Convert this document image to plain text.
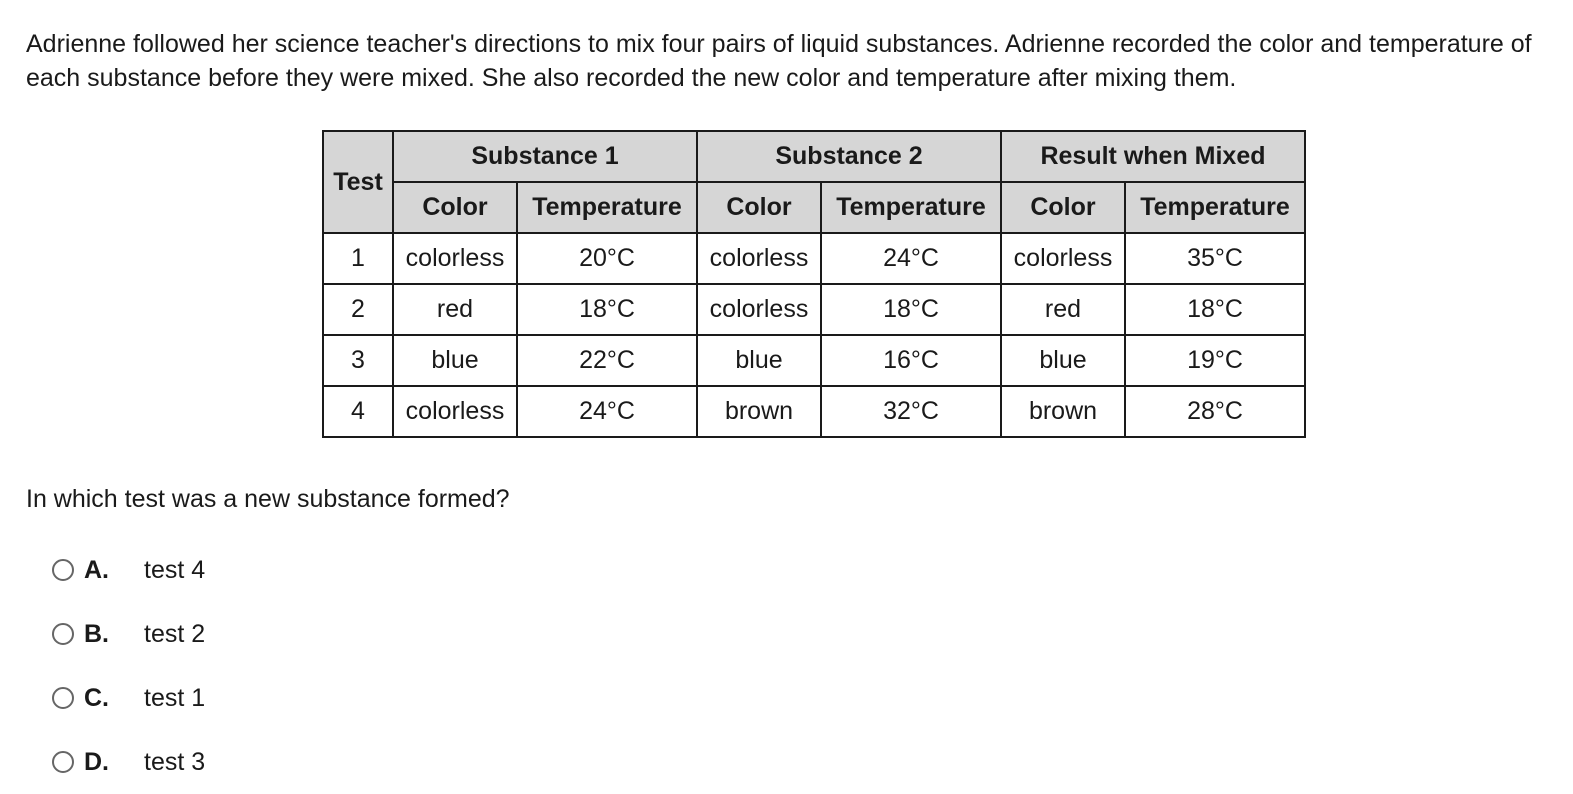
Adrienne followed her science teacher's directions to mix four pairs of liquid substances. Adrienne recorded the color and temperature of each substance before they were mixed. She also recorded the new color and temperature after mixing them.

Test	Substance 1		Substance 2		Result when Mixed	
	Color	Temperature	Color	Temperature	Color	Temperature
1	colorless	20°C	colorless	24°C	colorless	35°C
2	red	18°C	colorless	18°C	red	18°C
3	blue	22°C	blue	16°C	blue	19°C
4	colorless	24°C	brown	32°C	brown	28°C

In which test was a new substance formed?

A.	test 4
B.	test 2
C.	test 1
D.	test 3
